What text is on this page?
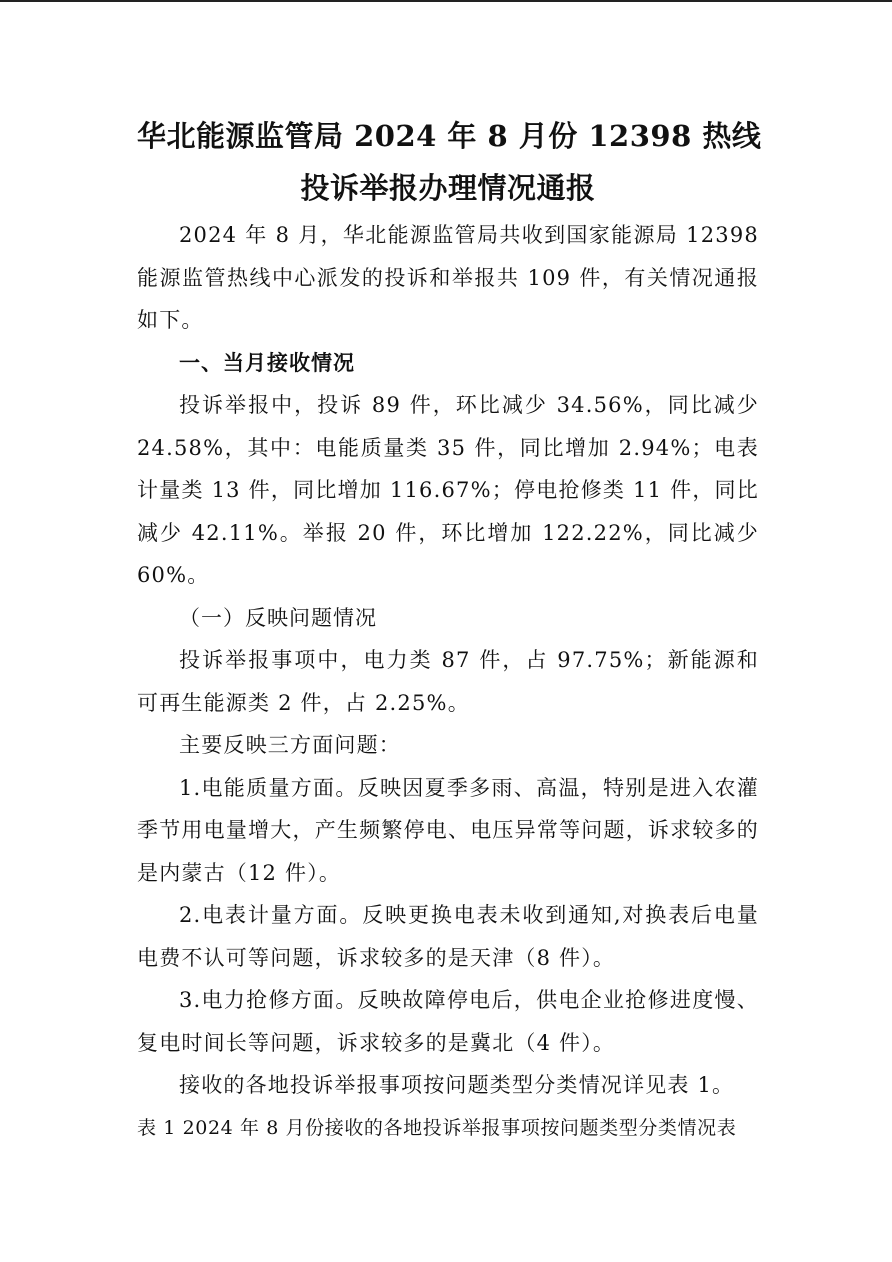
华北能源监管局 2024 年 8 月份 12398 热线
投诉举报办理情况通报

2024 年 8 月，华北能源监管局共收到国家能源局 12398 能源监管热线中心派发的投诉和举报共 109 件，有关情况通报如下。

一、当月接收情况

投诉举报中，投诉 89 件，环比减少 34.56%，同比减少 24.58%，其中：电能质量类 35 件，同比增加 2.94%；电表计量类 13 件，同比增加 116.67%；停电抢修类 11 件，同比减少 42.11%。举报 20 件，环比增加 122.22%，同比减少 60%。

（一）反映问题情况

投诉举报事项中，电力类 87 件，占 97.75%；新能源和可再生能源类 2 件，占 2.25%。

主要反映三方面问题：

1.电能质量方面。反映因夏季多雨、高温，特别是进入农灌季节用电量增大，产生频繁停电、电压异常等问题，诉求较多的是内蒙古（12 件）。

2.电表计量方面。反映更换电表未收到通知,对换表后电量电费不认可等问题，诉求较多的是天津（8 件）。

3.电力抢修方面。反映故障停电后，供电企业抢修进度慢、复电时间长等问题，诉求较多的是冀北（4 件）。

接收的各地投诉举报事项按问题类型分类情况详见表 1。

表 1 2024 年 8 月份接收的各地投诉举报事项按问题类型分类情况表
